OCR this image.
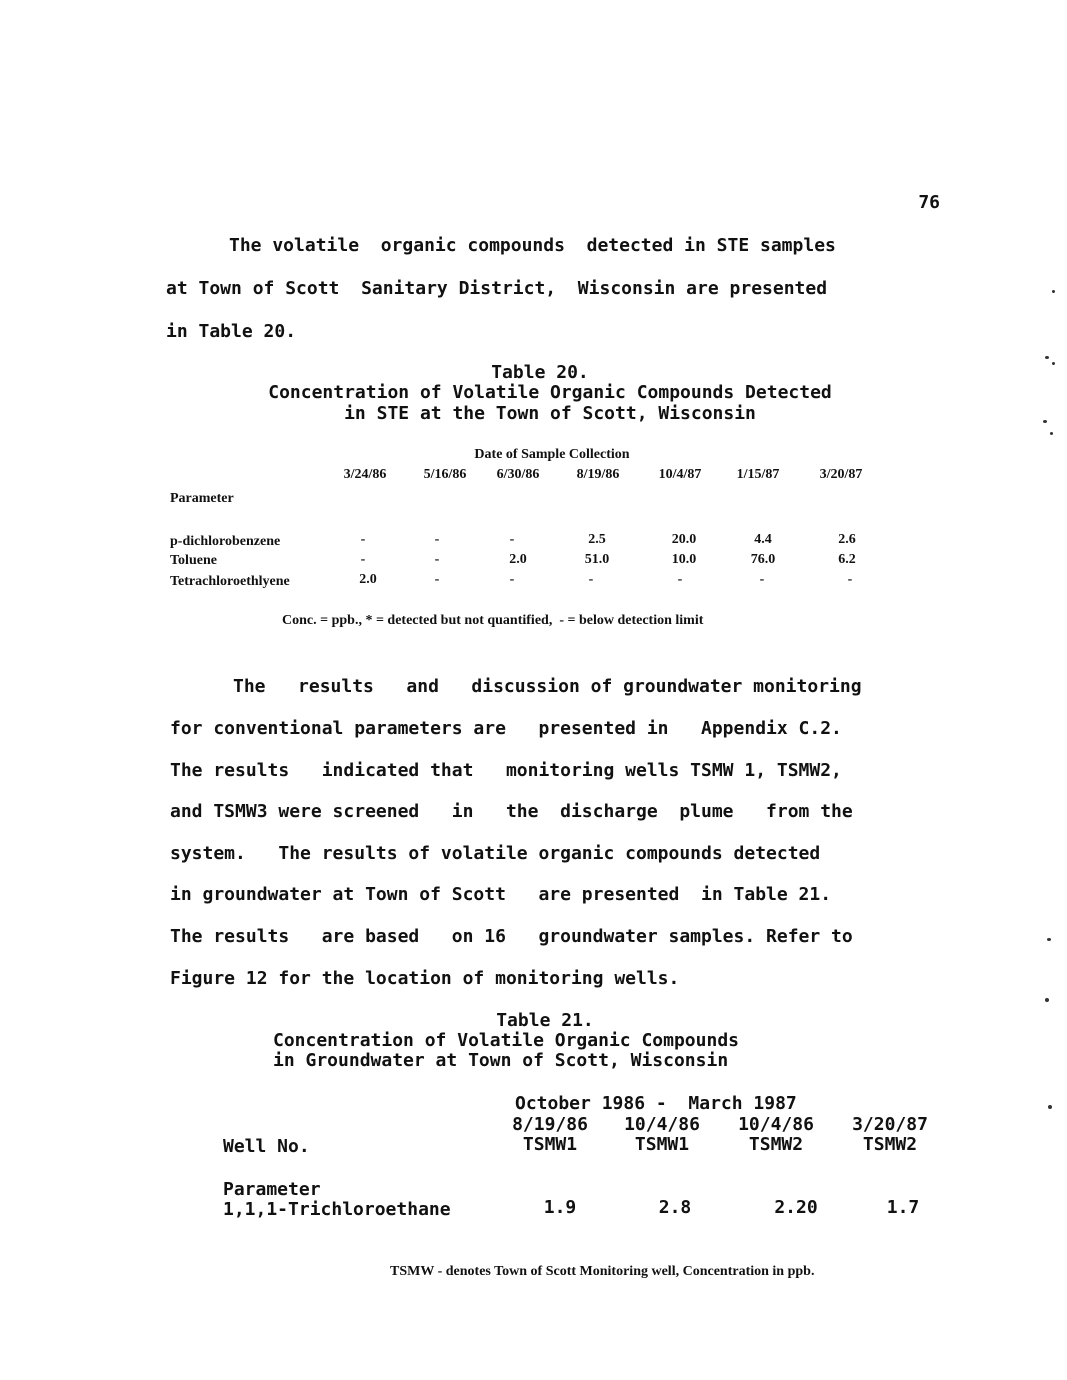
76
The volatile  organic compounds  detected in STE samples
at Town of Scott  Sanitary District,  Wisconsin are presented
in Table 20.
Table 20.
Concentration of Volatile Organic Compounds Detected
in STE at the Town of Scott, Wisconsin
Date of Sample Collection
3/24/86	5/16/86	6/30/86	8/19/86	10/4/87	1/15/87	3/20/87
Parameter
p-dichlorobenzene	-	-	-	2.5	20.0	4.4	2.6
Toluene	-	-	2.0	51.0	10.0	76.0	6.2
Tetrachloroethlyene	2.0	-	-	-	-	-	-
Conc. = ppb., * = detected but not quantified,  - = below detection limit
The   results   and   discussion of groundwater monitoring
for conventional parameters are   presented in   Appendix C.2.
The results   indicated that   monitoring wells TSMW 1, TSMW2,
and TSMW3 were screened   in   the  discharge  plume   from the
system.   The results of volatile organic compounds detected
in groundwater at Town of Scott   are presented  in Table 21.
The results   are based   on 16   groundwater samples. Refer to
Figure 12 for the location of monitoring wells.
Table 21.
Concentration of Volatile Organic Compounds
in Groundwater at Town of Scott, Wisconsin
October 1986 -  March 1987
8/19/86	10/4/86	10/4/86	3/20/87
Well No.	TSMW1	TSMW1	TSMW2	TSMW2
Parameter
1,1,1-Trichloroethane	1.9	2.8	2.20	1.7
TSMW - denotes Town of Scott Monitoring well, Concentration in ppb.
